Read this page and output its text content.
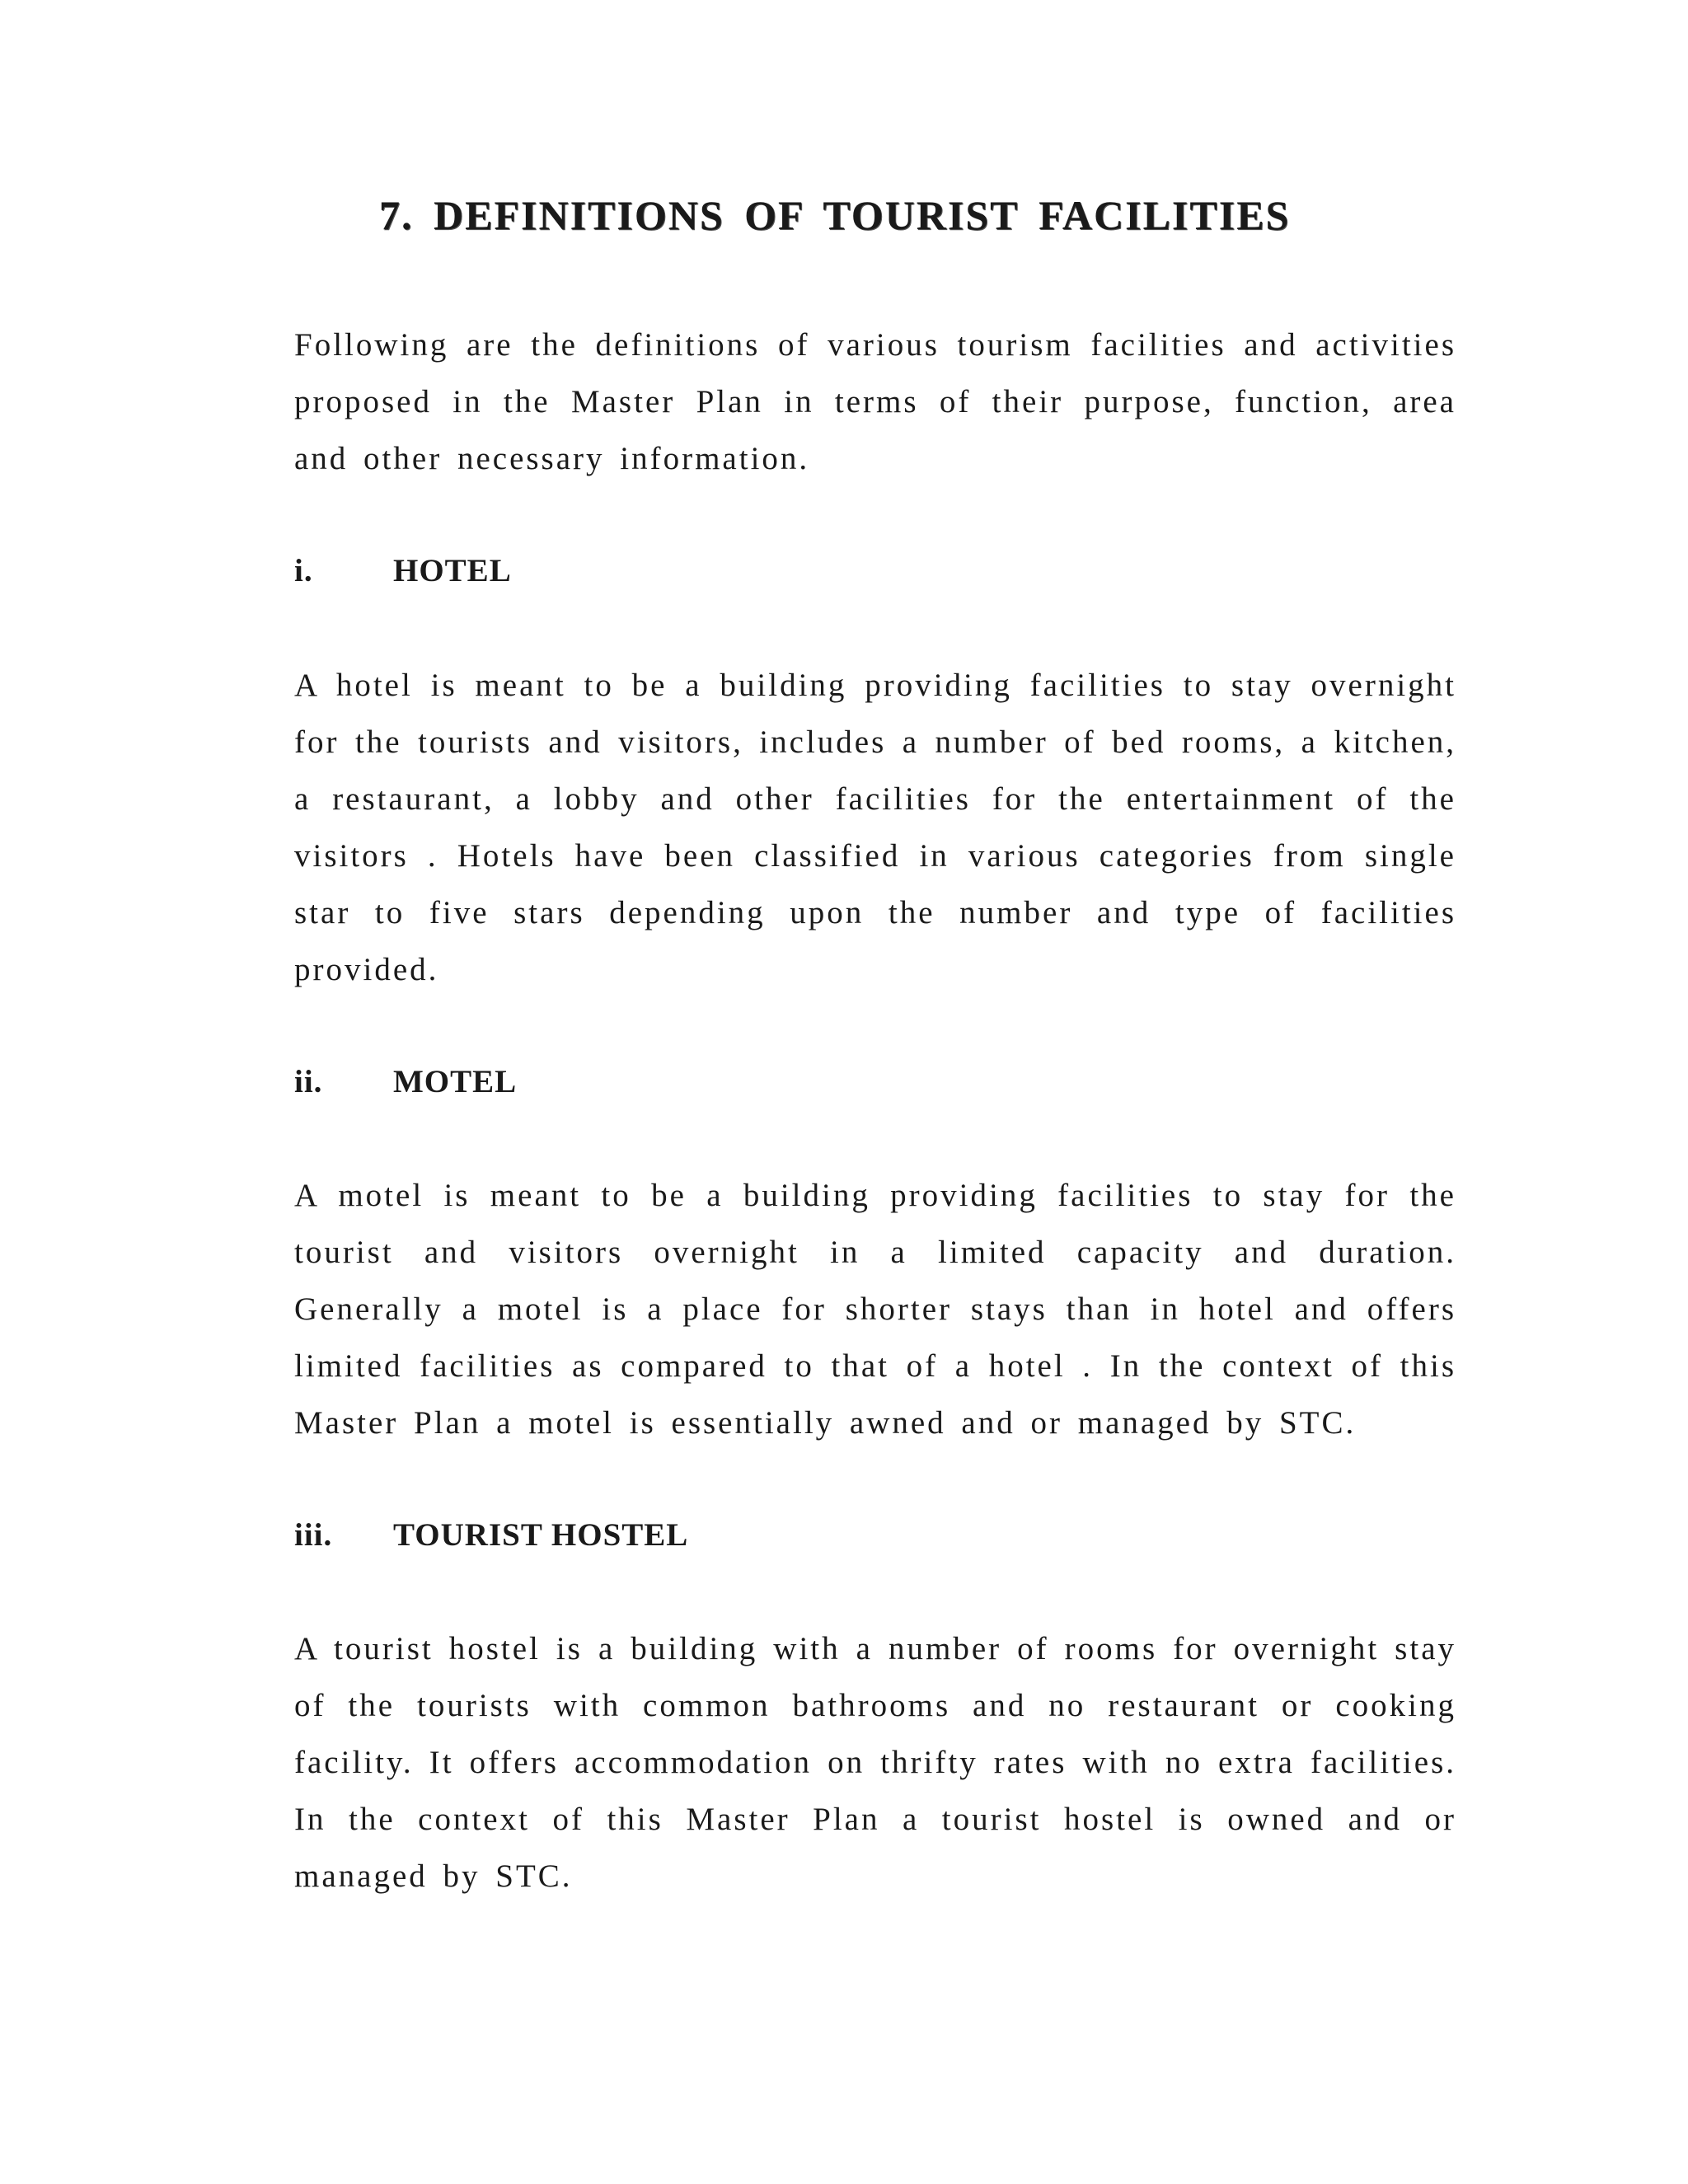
7. DEFINITIONS OF TOURIST FACILITIES

Following are the definitions of various tourism facilities and activities proposed in the Master Plan in terms of their purpose, function, area and other necessary information.

i. HOTEL

A hotel is meant to be a building providing facilities to stay overnight for the tourists and visitors, includes a number of bed rooms, a kitchen, a restaurant, a lobby and other facilities for the entertainment of the visitors . Hotels have been classified in various categories from single star to five stars depending upon the number and type of facilities provided.

ii. MOTEL

A motel is meant to be a building providing facilities to stay for the tourist and visitors overnight in a limited capacity and duration. Generally a motel is a place for shorter stays than in hotel and offers limited facilities as compared to that of a hotel . In the context of this Master Plan a motel is essentially awned and or managed by STC.

iii. TOURIST HOSTEL

A tourist hostel is a building with a number of rooms for overnight stay of the tourists with common bathrooms and no restaurant or cooking facility. It offers accommodation on thrifty rates with no extra facilities. In the context of this Master Plan a tourist hostel is owned and or managed by STC.
